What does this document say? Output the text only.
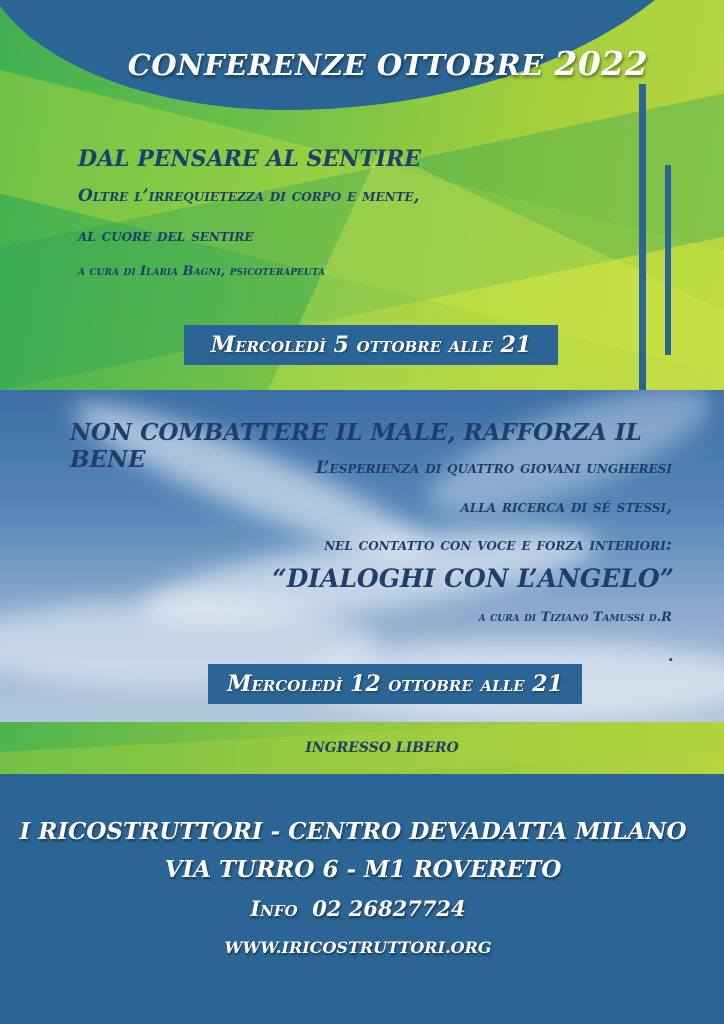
CONFERENZE OTTOBRE 2022
DAL PENSARE AL SENTIRE
Oltre l’irrequietezza di corpo e mente,
al cuore del sentire
a cura di Ilaria Bagni, psicoterapeuta
Mercoledì 5 ottobre alle 21
NON COMBATTERE IL MALE, RAFFORZA IL BENE	L’esperienza di quattro giovani ungheresi
alla ricerca di sé stessi,
nel contatto con voce e forza interiori:
“DIALOGHI CON L’ANGELO”
a cura di Tiziano Tamussi d.R
.
Mercoledì 12 ottobre alle 21
INGRESSO LIBERO
I RICOSTRUTTORI - CENTRO DEVADATTA MILANO
VIA TURRO 6 - M1 ROVERETO
Info 02 26827724
WWW.IRICOSTRUTTORI.ORG
